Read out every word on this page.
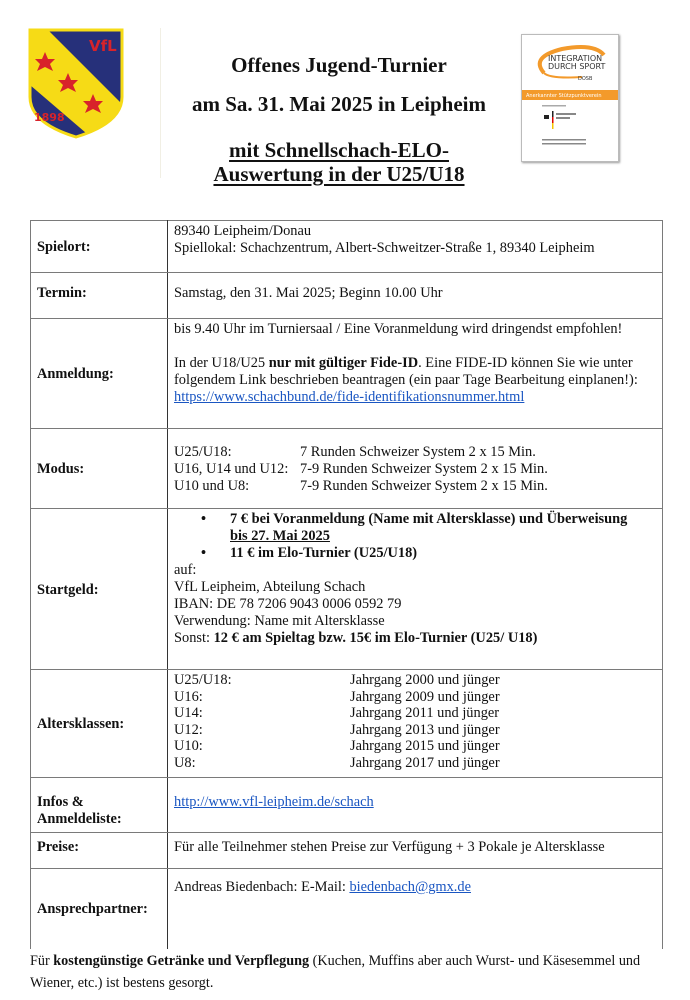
VfL
1898
INTEGRATION
DURCH SPORT
DOSB
Anerkannter Stützpunktverein
Offenes Jugend-Turnier
am Sa. 31. Mai 2025 in Leipheim
mit Schnellschach-ELO-
Auswertung in der U25/U18
Spielort:	89340 Leipheim/Donau
Spiellokal: Schachzentrum, Albert-Schweitzer-Straße 1, 89340 Leipheim

Termin:	Samstag, den 31. Mai 2025; Beginn 10.00 Uhr
Anmeldung:	bis 9.40 Uhr im Turniersaal / Eine Voranmeldung wird dringendst empfohlen!
In der U18/U25 nur mit gültiger Fide-ID. Eine FIDE-ID können Sie wie unter folgendem Link beschrieben beantragen (ein paar Tage Bearbeitung einplanen!): https://www.schachbund.de/fide-identifikationsnummer.html

Modus:	
U25/U18:	7 Runden Schweizer System 2 x 15 Min.
U16, U14 und U12: 7-9 Runden Schweizer System 2 x 15 Min.
U10 und U8:	7-9 Runden Schweizer System 2 x 15 Min.

Startgeld:	
•	7 € bei Voranmeldung (Name mit Altersklasse) und Überweisung
bis 27. Mai 2025
•	11 € im Elo-Turnier (U25/U18)
auf:
VfL Leipheim, Abteilung Schach
IBAN: DE 78 7206 9043 0006 0592 79
Verwendung: Name mit Altersklasse
Sonst: 12 € am Spieltag bzw. 15€ im Elo-Turnier (U25/ U18)

Altersklassen:	
U25/U18:	Jahrgang 2000 und jünger
U16:	Jahrgang 2009 und jünger
U14:	Jahrgang 2011 und jünger
U12:	Jahrgang 2013 und jünger
U10:	Jahrgang 2015 und jünger
U8:	Jahrgang 2017 und jünger

Infos &
Anmeldeliste:	http://www.vfl-leipheim.de/schach
Preise:	Für alle Teilnehmer stehen Preise zur Verfügung + 3 Pokale je Altersklasse
Ansprechpartner:	Andreas Biedenbach: E-Mail: biedenbach@gmx.de
Für kostengünstige Getränke und Verpflegung (Kuchen, Muffins aber auch Wurst- und Käsesemmel und Wiener, etc.) ist bestens gesorgt.
